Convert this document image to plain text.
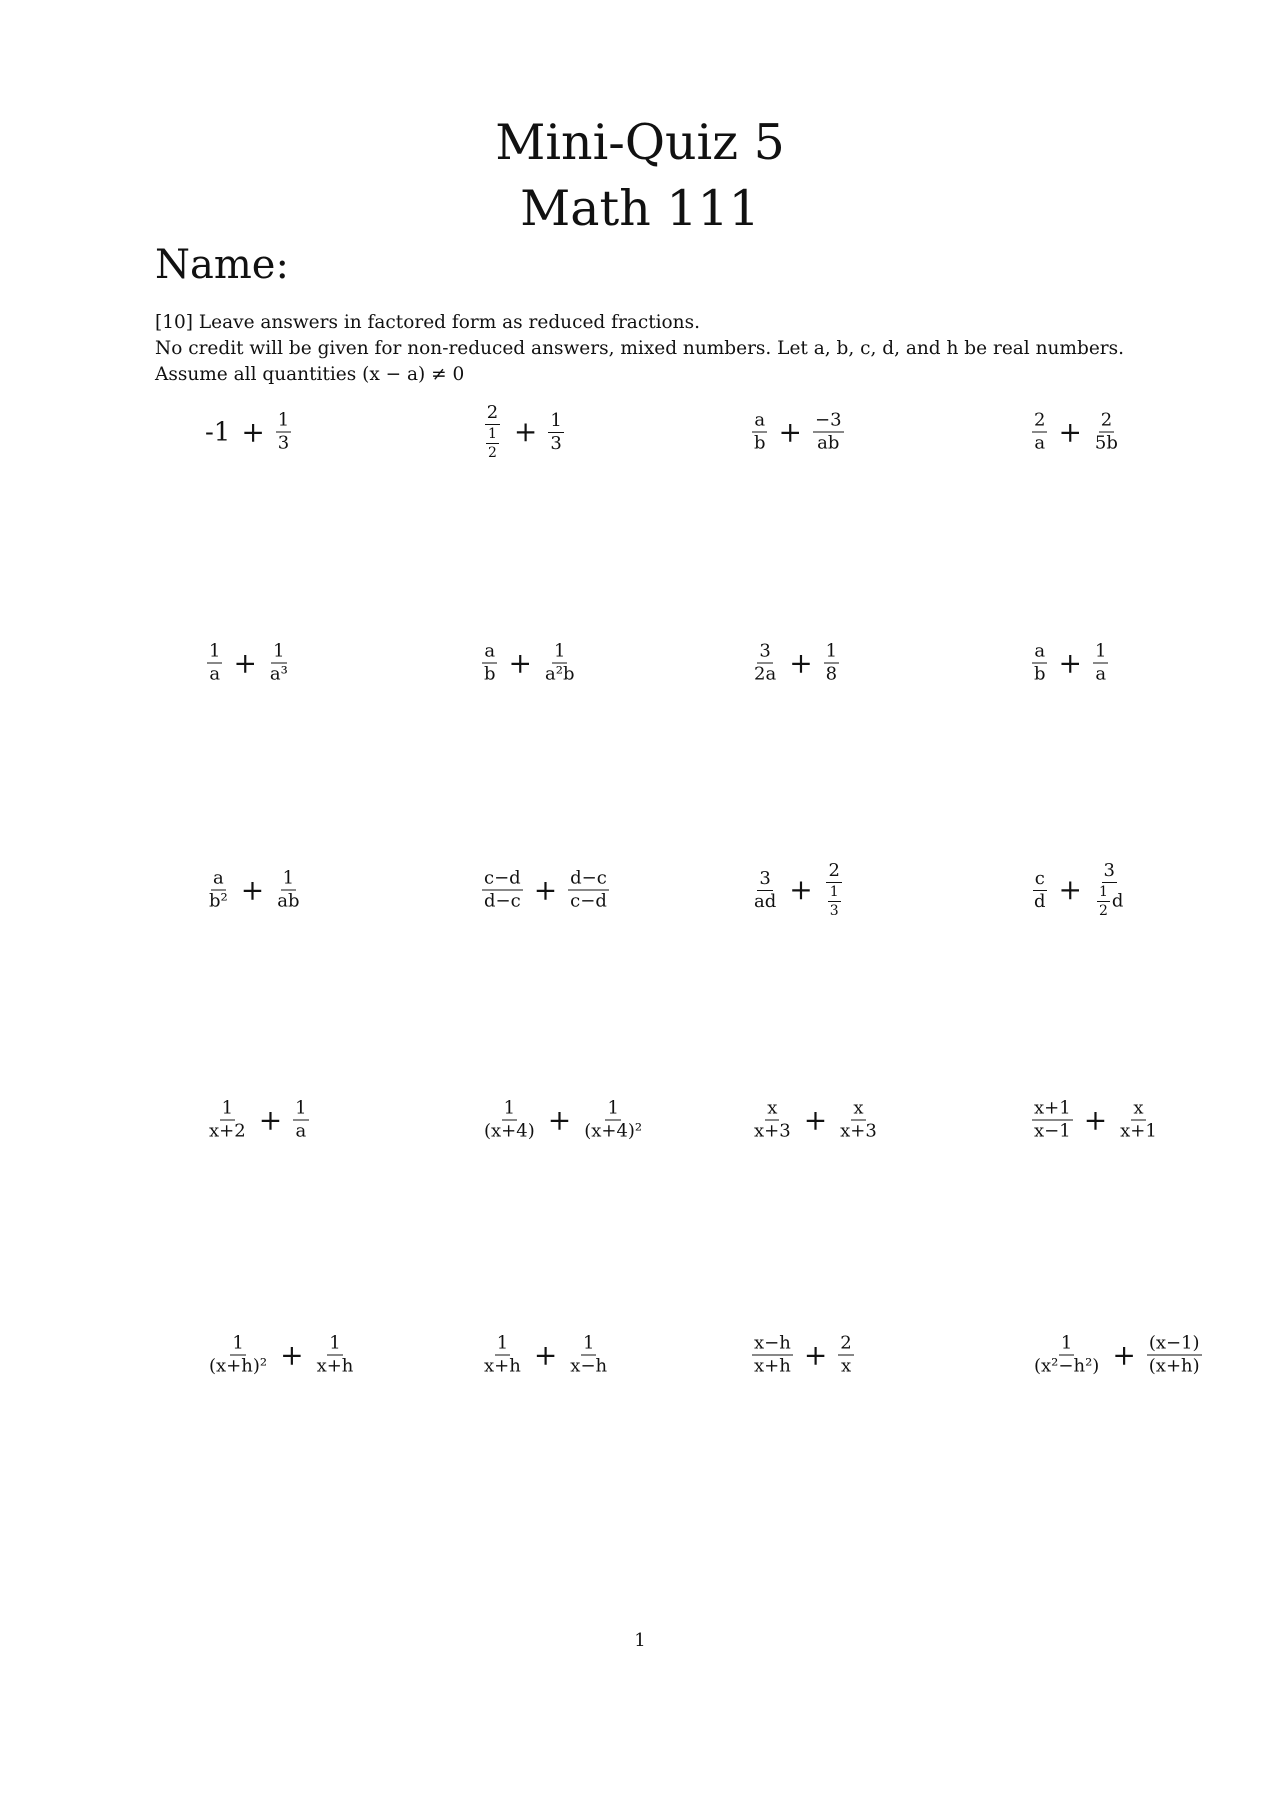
Mini-Quiz 5
Math 111
Name:
[10] Leave answers in factored form as reduced fractions.
No credit will be given for non-reduced answers, mixed numbers. Let a, b, c, d, and h be real numbers.
Assume all quantities (x − a) ≠ 0
$-1 + \frac{1}{3}$	$\frac{2}{\frac{1}{2}} + \frac{1}{3}$	$\frac{a}{b} + \frac{-3}{ab}$	$\frac{2}{a} + \frac{2}{5b}$
$\frac{1}{a} + \frac{1}{\text{a³}}$	$\frac{a}{b} + \frac{1}{\text{a²b}}$	$\frac{3}{2a} + \frac{1}{8}$	$\frac{a}{b} + \frac{1}{a}$
$\frac{a}{\text{b²}} + \frac{1}{ab}$	$\frac{c-d}{d-c} + \frac{d-c}{c-d}$	$\frac{3}{ad} + \frac{2}{\frac{1}{3}}$	$\frac{c}{d} + \frac{3}{\frac{1}{2} d}$
$\frac{1}{x+2} + \frac{1}{a}$	$\frac{1}{(x+4)} + \frac{1}{\text{(x+4)²}}$	$\frac{x}{x+3} + \frac{x}{x+3}$	$\frac{x+1}{x-1} + \frac{x}{x+1}$
$\frac{1}{\text{(x+h)²}} + \frac{1}{x+h}$	$\frac{1}{x+h} + \frac{1}{x-h}$	$\frac{x-h}{x+h} + \frac{2}{x}$	$\frac{1}{\text{(x²−h²)}} + \frac{(x-1)}{(x+h)}$
1
